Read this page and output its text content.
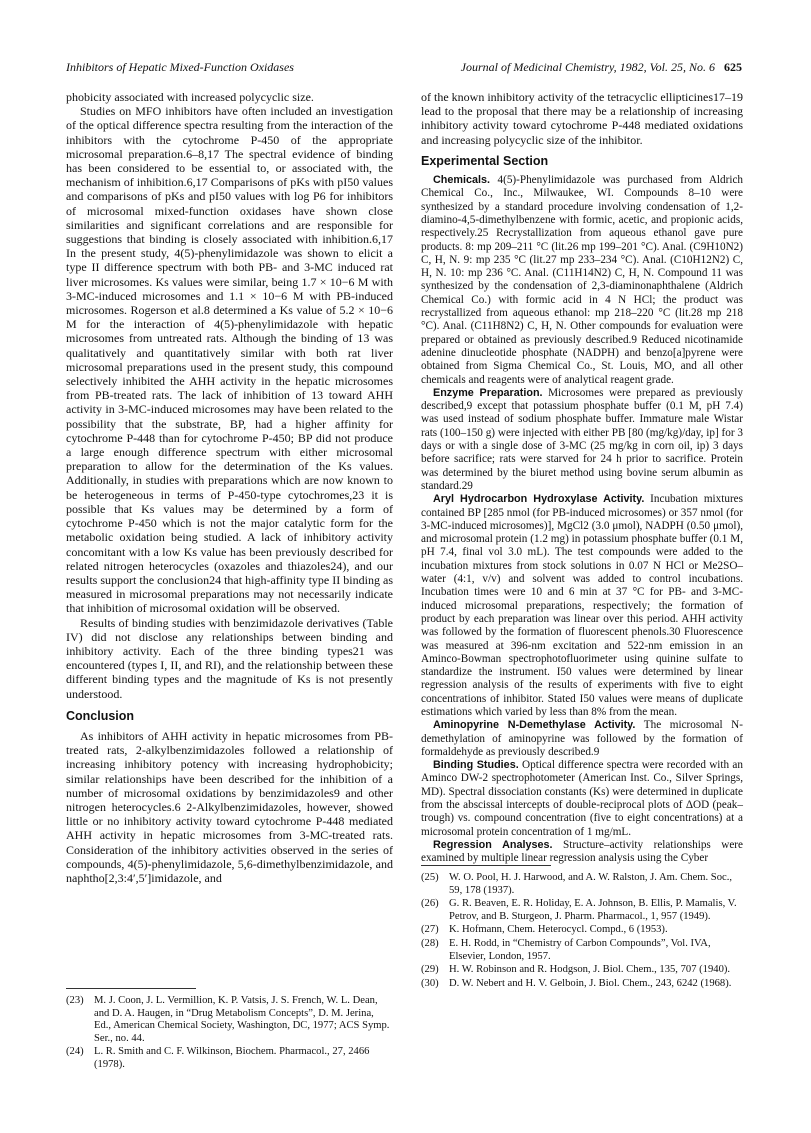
Inhibitors of Hepatic Mixed-Function Oxidases	Journal of Medicinal Chemistry, 1982, Vol. 25, No. 6 625

phobicity associated with increased polycyclic size.

Studies on MFO inhibitors have often included an investigation of the optical difference spectra resulting from the interaction of the inhibitors with the cytochrome P-450 of the appropriate microsomal preparation.6–8,17 The spectral evidence of binding has been considered to be essential to, or associated with, the mechanism of inhibition.6,17 Comparisons of pKs with pI50 values and comparisons of pKs and pI50 values with log P6 for inhibitors of microsomal mixed-function oxidases have shown close similarities and significant correlations and are responsible for suggestions that binding is closely associated with inhibition.6,17 In the present study, 4(5)-phenylimidazole was shown to elicit a type II difference spectrum with both PB- and 3-MC induced rat liver microsomes. Ks values were similar, being 1.7 × 10−6 M with 3-MC-induced microsomes and 1.1 × 10−6 M with PB-induced microsomes. Rogerson et al.8 determined a Ks value of 5.2 × 10−6 M for the interaction of 4(5)-phenylimidazole with hepatic microsomes from untreated rats. Although the binding of 13 was qualitatively and quantitatively similar with both rat liver microsomal preparations used in the present study, this compound selectively inhibited the AHH activity in the hepatic microsomes from PB-treated rats. The lack of inhibition of 13 toward AHH activity in 3-MC-induced microsomes may have been related to the possibility that the substrate, BP, had a higher affinity for cytochrome P-448 than for cytochrome P-450; BP did not produce a large enough difference spectrum with either microsomal preparation to allow for the determination of the Ks values. Additionally, in studies with preparations which are now known to be heterogeneous in terms of P-450-type cytochromes,23 it is possible that Ks values may be determined by a form of cytochrome P-450 which is not the major catalytic form for the metabolic oxidation being studied. A lack of inhibitory activity concomitant with a low Ks value has been previously described for related nitrogen heterocycles (oxazoles and thiazoles24), and our results support the conclusion24 that high-affinity type II binding as measured in microsomal preparations may not necessarily indicate that inhibition of microsomal oxidation will be observed.

Results of binding studies with benzimidazole derivatives (Table IV) did not disclose any relationships between binding and inhibitory activity. Each of the three binding types21 was encountered (types I, II, and RI), and the relationship between these different binding types and the magnitude of Ks is not presently understood.

Conclusion

As inhibitors of AHH activity in hepatic microsomes from PB-treated rats, 2-alkylbenzimidazoles followed a relationship of increasing inhibitory potency with increasing hydrophobicity; similar relationships have been described for the inhibition of a number of microsomal oxidations by benzimidazoles9 and other nitrogen heterocycles.6 2-Alkylbenzimidazoles, however, showed little or no inhibitory activity toward cytochrome P-448 mediated AHH activity in hepatic microsomes from 3-MC-treated rats. Consideration of the inhibitory activities observed in the series of compounds, 4(5)-phenylimidazole, 5,6-dimethylbenzimidazole, and naphtho[2,3:4′,5′]imidazole, and

(23) M. J. Coon, J. L. Vermillion, K. P. Vatsis, J. S. French, W. L. Dean, and D. A. Haugen, in “Drug Metabolism Concepts”, D. M. Jerina, Ed., American Chemical Society, Washington, DC, 1977; ACS Symp. Ser., no. 44.
(24) L. R. Smith and C. F. Wilkinson, Biochem. Pharmacol., 27, 2466 (1978).

of the known inhibitory activity of the tetracyclic ellipticines17–19 lead to the proposal that there may be a relationship of increasing inhibitory activity toward cytochrome P-448 mediated oxidations and increasing polycyclic size of the inhibitor.

Experimental Section

Chemicals. 4(5)-Phenylimidazole was purchased from Aldrich Chemical Co., Inc., Milwaukee, WI. Compounds 8–10 were synthesized by a standard procedure involving condensation of 1,2-diamino-4,5-dimethylbenzene with formic, acetic, and propionic acids, respectively.25 Recrystallization from aqueous ethanol gave pure products. 8: mp 209–211 °C (lit.26 mp 199–201 °C). Anal. (C9H10N2) C, H, N. 9: mp 235 °C (lit.27 mp 233–234 °C). Anal. (C10H12N2) C, H, N. 10: mp 236 °C. Anal. (C11H14N2) C, H, N. Compound 11 was synthesized by the condensation of 2,3-diaminonaphthalene (Aldrich Chemical Co.) with formic acid in 4 N HCl; the product was recrystallized from aqueous ethanol: mp 218–220 °C (lit.28 mp 218 °C). Anal. (C11H8N2) C, H, N. Other compounds for evaluation were prepared or obtained as previously described.9 Reduced nicotinamide adenine dinucleotide phosphate (NADPH) and benzo[a]pyrene were obtained from Sigma Chemical Co., St. Louis, MO, and all other chemicals and reagents were of analytical reagent grade.

Enzyme Preparation. Microsomes were prepared as previously described,9 except that potassium phosphate buffer (0.1 M, pH 7.4) was used instead of sodium phosphate buffer. Immature male Wistar rats (100–150 g) were injected with either PB [80 (mg/kg)/day, ip] for 3 days or with a single dose of 3-MC (25 mg/kg in corn oil, ip) 3 days before sacrifice; rats were starved for 24 h prior to sacrifice. Protein was determined by the biuret method using bovine serum albumin as standard.29

Aryl Hydrocarbon Hydroxylase Activity. Incubation mixtures contained BP [285 nmol (for PB-induced microsomes) or 357 nmol (for 3-MC-induced microsomes)], MgCl2 (3.0 μmol), NADPH (0.50 μmol), and microsomal protein (1.2 mg) in potassium phosphate buffer (0.1 M, pH 7.4, final vol 3.0 mL). The test compounds were added to the incubation mixtures from stock solutions in 0.07 N HCl or Me2SO–water (4:1, v/v) and solvent was added to control incubations. Incubation times were 10 and 6 min at 37 °C for PB- and 3-MC-induced microsomal preparations, respectively; the formation of product by each preparation was linear over this period. AHH activity was followed by the formation of fluorescent phenols.30 Fluorescence was measured at 396-nm excitation and 522-nm emission in an Aminco-Bowman spectrophotofluorimeter using quinine sulfate to standardize the instrument. I50 values were determined by linear regression analysis of the results of experiments with five to eight concentrations of inhibitor. Stated I50 values were means of duplicate estimations which varied by less than 8% from the mean.

Aminopyrine N-Demethylase Activity. The microsomal N-demethylation of aminopyrine was followed by the formation of formaldehyde as previously described.9

Binding Studies. Optical difference spectra were recorded with an Aminco DW-2 spectrophotometer (American Inst. Co., Silver Springs, MD). Spectral dissociation constants (Ks) were determined in duplicate from the abscissal intercepts of double-reciprocal plots of ΔOD (peak–trough) vs. compound concentration (five to eight concentrations) at a microsomal protein concentration of 1 mg/mL.

Regression Analyses. Structure–activity relationships were examined by multiple linear regression analysis using the Cyber

(25) W. O. Pool, H. J. Harwood, and A. W. Ralston, J. Am. Chem. Soc., 59, 178 (1937).
(26) G. R. Beaven, E. R. Holiday, E. A. Johnson, B. Ellis, P. Mamalis, V. Petrov, and B. Sturgeon, J. Pharm. Pharmacol., 1, 957 (1949).
(27) K. Hofmann, Chem. Heterocycl. Compd., 6 (1953).
(28) E. H. Rodd, in “Chemistry of Carbon Compounds”, Vol. IVA, Elsevier, London, 1957.
(29) H. W. Robinson and R. Hodgson, J. Biol. Chem., 135, 707 (1940).
(30) D. W. Nebert and H. V. Gelboin, J. Biol. Chem., 243, 6242 (1968).
